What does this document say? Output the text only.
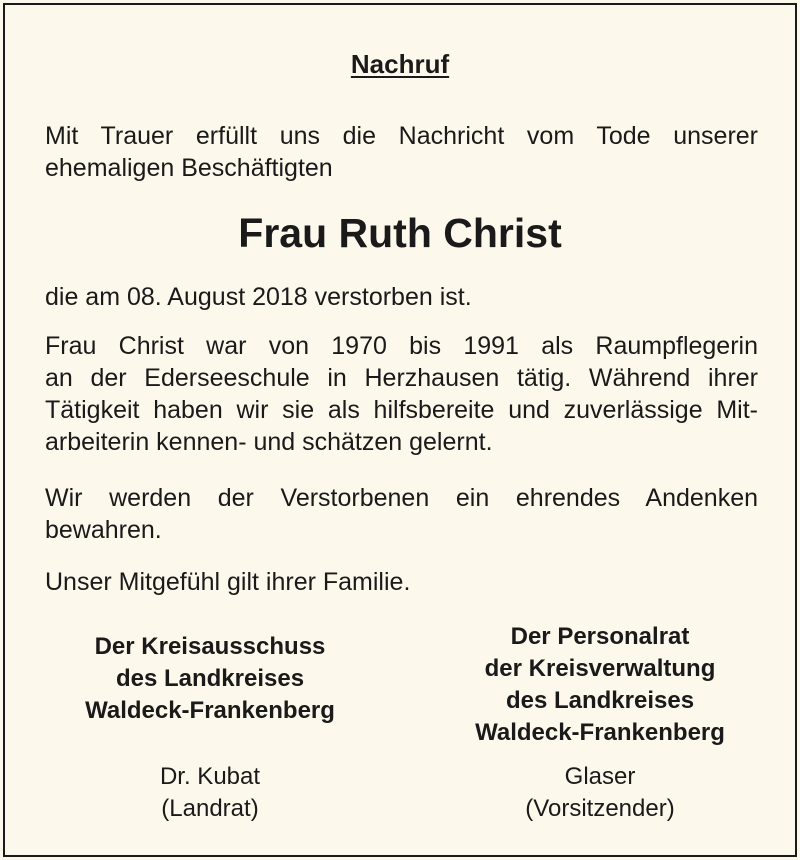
Nachruf
Mit Trauer erfüllt uns die Nachricht vom Tode unserer
ehemaligen Beschäftigten
Frau Ruth Christ
die am 08. August 2018 verstorben ist.
Frau Christ war von 1970 bis 1991 als Raumpflegerin
an der Ederseeschule in Herzhausen tätig. Während ihrer
Tätigkeit haben wir sie als hilfsbereite und zuverlässige Mit-
arbeiterin kennen- und schätzen gelernt.
Wir werden der Verstorbenen ein ehrendes Andenken
bewahren.
Unser Mitgefühl gilt ihrer Familie.
Der Kreisausschuss
des Landkreises
Waldeck-Frankenberg
Der Personalrat
der Kreisverwaltung
des Landkreises
Waldeck-Frankenberg
Dr. Kubat
(Landrat)
Glaser
(Vorsitzender)
